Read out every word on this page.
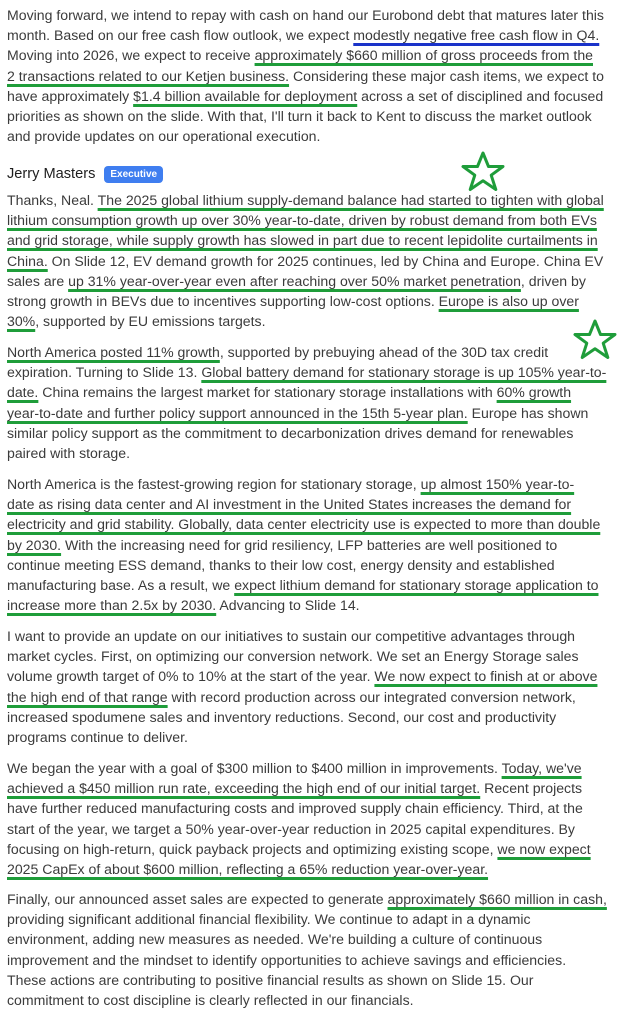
Moving forward, we intend to repay with cash on hand our Eurobond debt that matures later this
month. Based on our free cash flow outlook, we expect modestly negative free cash flow in Q4.
Moving into 2026, we expect to receive approximately $660 million of gross proceeds from the
2 transactions related to our Ketjen business. Considering these major cash items, we expect to
have approximately $1.4 billion available for deployment across a set of disciplined and focused
priorities as shown on the slide. With that, I'll turn it back to Kent to discuss the market outlook
and provide updates on our operational execution.

Jerry Masters	Executive

Thanks, Neal. The 2025 global lithium supply-demand balance had started to tighten with global
lithium consumption growth up over 30% year-to-date, driven by robust demand from both EVs
and grid storage, while supply growth has slowed in part due to recent lepidolite curtailments in
China. On Slide 12, EV demand growth for 2025 continues, led by China and Europe. China EV
sales are up 31% year-over-year even after reaching over 50% market penetration, driven by
strong growth in BEVs due to incentives supporting low-cost options. Europe is also up over
30%, supported by EU emissions targets.

North America posted 11% growth, supported by prebuying ahead of the 30D tax credit
expiration. Turning to Slide 13. Global battery demand for stationary storage is up 105% year-to-
date. China remains the largest market for stationary storage installations with 60% growth
year-to-date and further policy support announced in the 15th 5-year plan. Europe has shown
similar policy support as the commitment to decarbonization drives demand for renewables
paired with storage.

North America is the fastest-growing region for stationary storage, up almost 150% year-to-
date as rising data center and AI investment in the United States increases the demand for
electricity and grid stability. Globally, data center electricity use is expected to more than double
by 2030. With the increasing need for grid resiliency, LFP batteries are well positioned to
continue meeting ESS demand, thanks to their low cost, energy density and established
manufacturing base. As a result, we expect lithium demand for stationary storage application to
increase more than 2.5x by 2030. Advancing to Slide 14.

I want to provide an update on our initiatives to sustain our competitive advantages through
market cycles. First, on optimizing our conversion network. We set an Energy Storage sales
volume growth target of 0% to 10% at the start of the year. We now expect to finish at or above
the high end of that range with record production across our integrated conversion network,
increased spodumene sales and inventory reductions. Second, our cost and productivity
programs continue to deliver.

We began the year with a goal of $300 million to $400 million in improvements. Today, we've
achieved a $450 million run rate, exceeding the high end of our initial target. Recent projects
have further reduced manufacturing costs and improved supply chain efficiency. Third, at the
start of the year, we target a 50% year-over-year reduction in 2025 capital expenditures. By
focusing on high-return, quick payback projects and optimizing existing scope, we now expect
2025 CapEx of about $600 million, reflecting a 65% reduction year-over-year.

Finally, our announced asset sales are expected to generate approximately $660 million in cash,
providing significant additional financial flexibility. We continue to adapt in a dynamic
environment, adding new measures as needed. We're building a culture of continuous
improvement and the mindset to identify opportunities to achieve savings and efficiencies.
These actions are contributing to positive financial results as shown on Slide 15. Our
commitment to cost discipline is clearly reflected in our financials.
